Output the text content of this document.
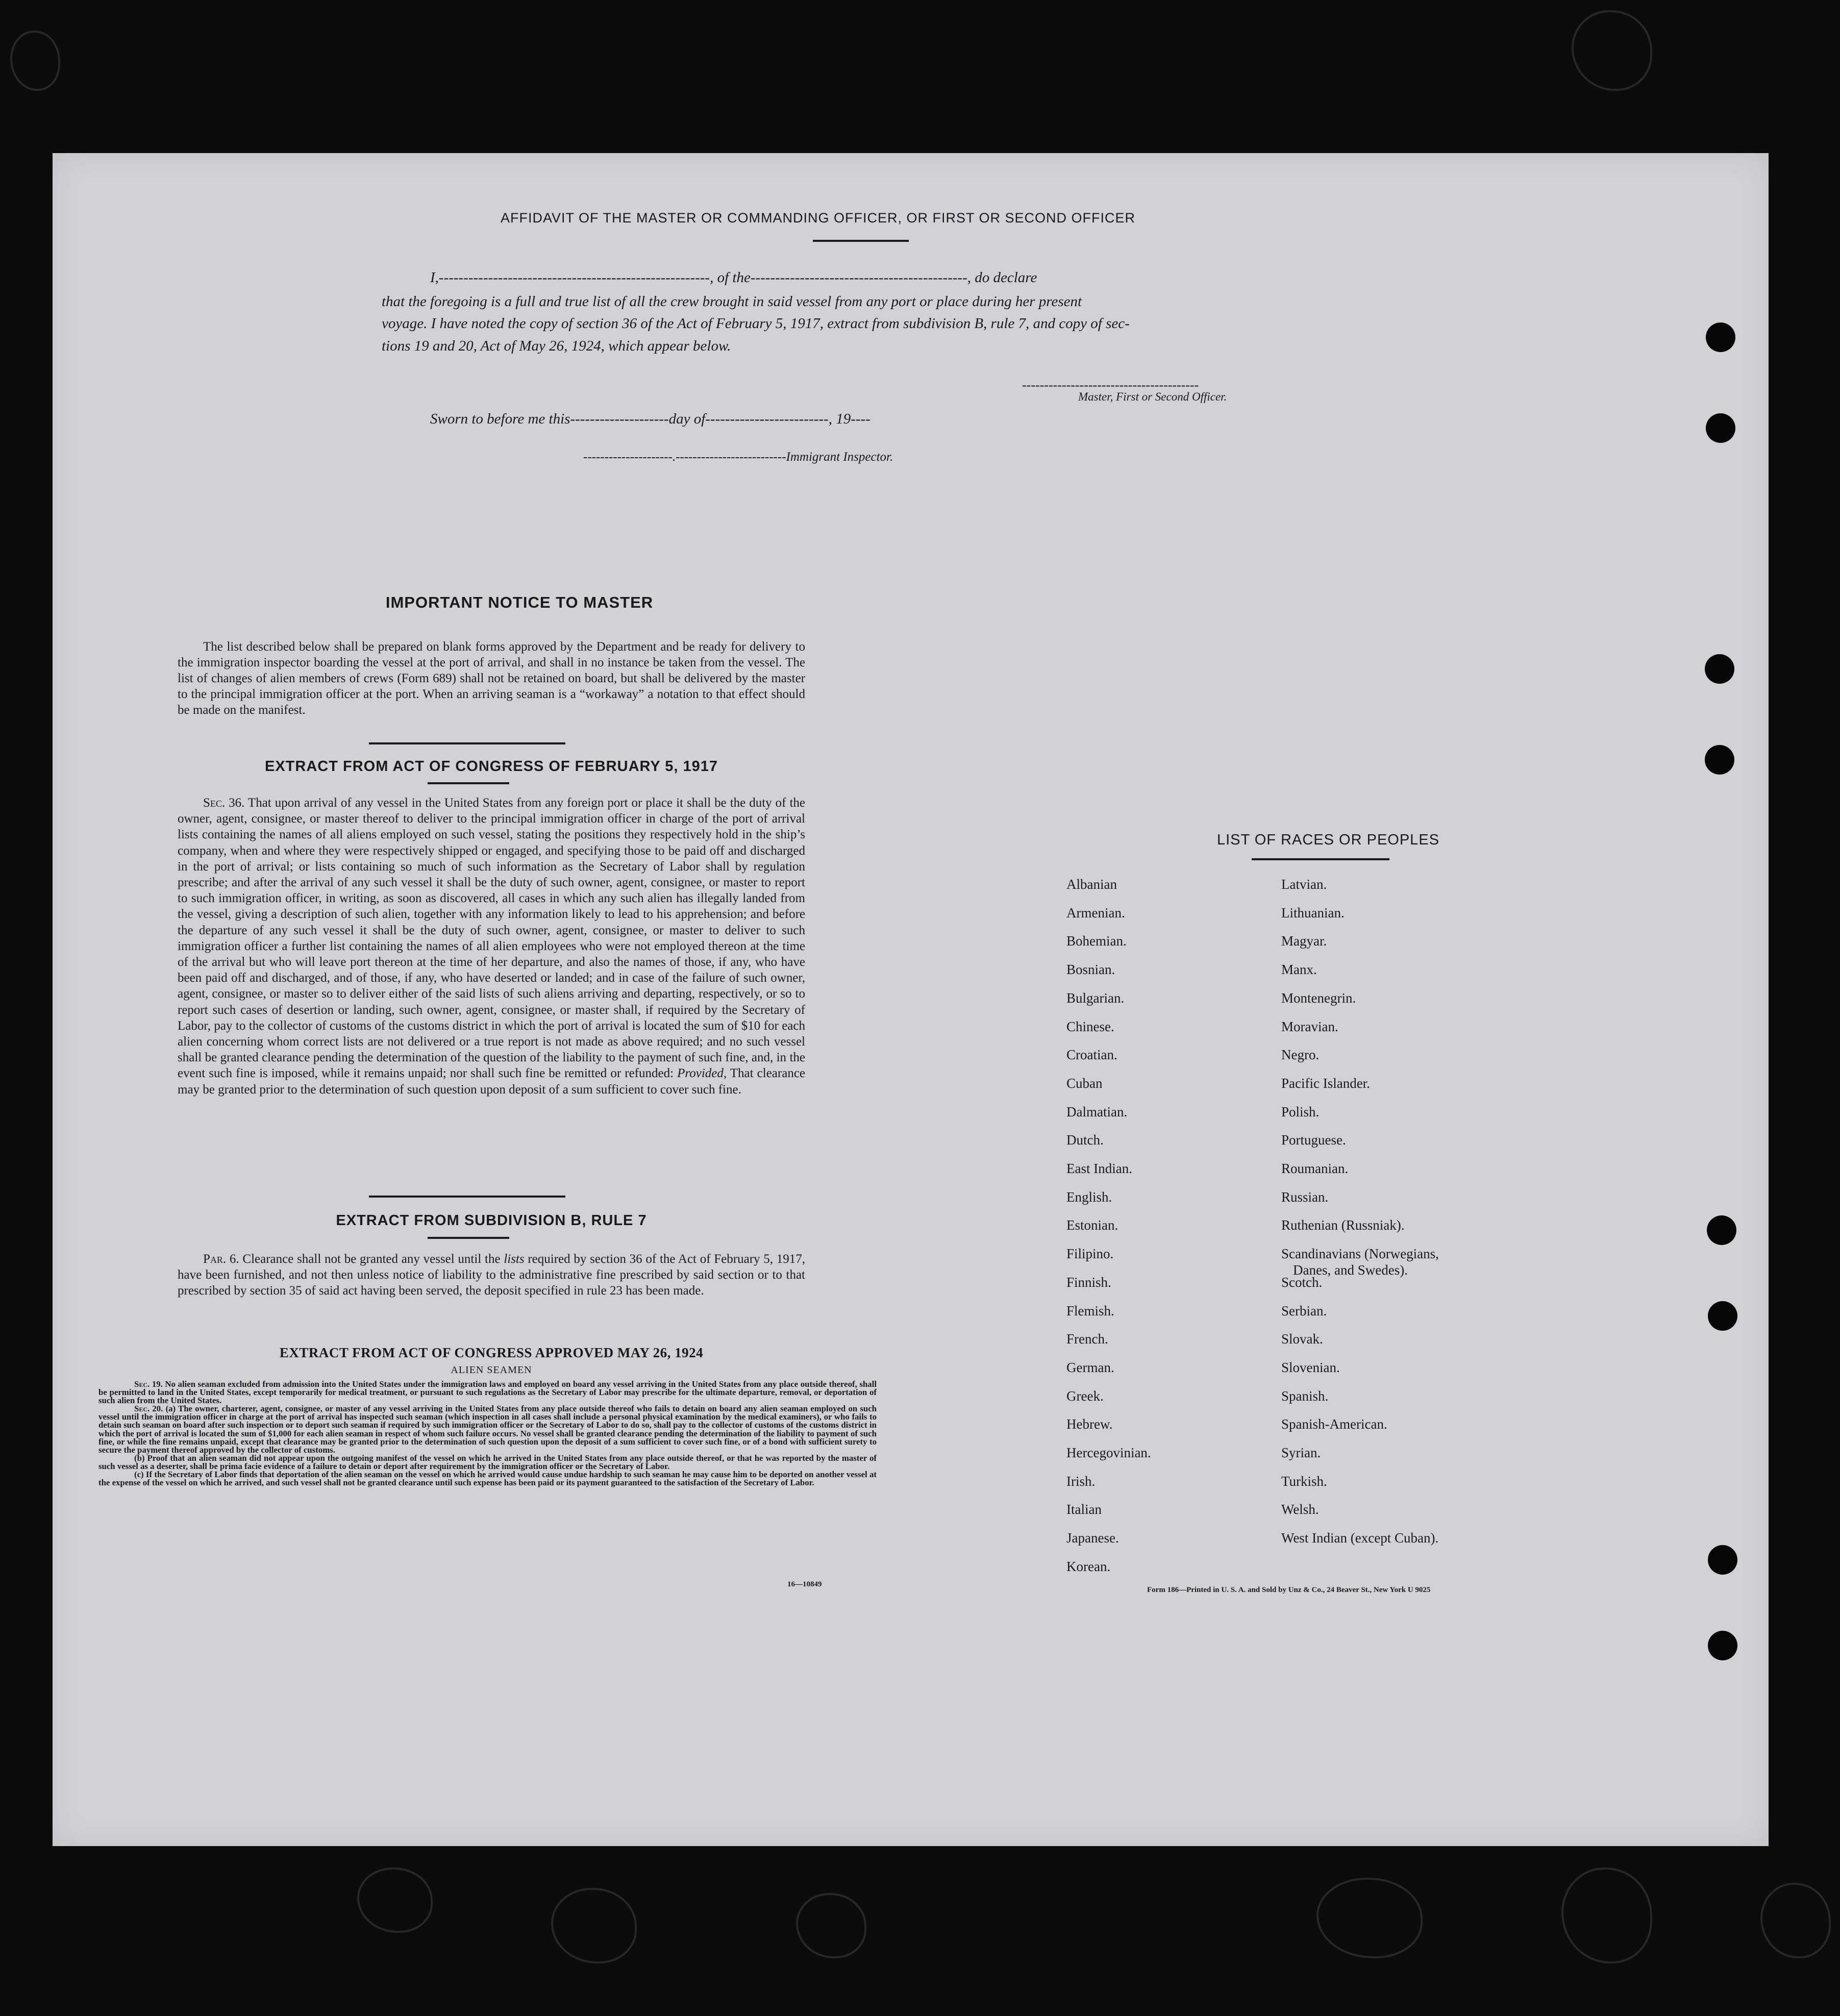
AFFIDAVIT OF THE MASTER OR COMMANDING OFFICER, OR FIRST OR SECOND OFFICER
I,-------------------------------------------------------, of the--------------------------------------------, do declare
that the foregoing is a full and true list of all the crew brought in said vessel from any port or place during her present
voyage. I have noted the copy of section 36 of the Act of February 5, 1917, extract from subdivision B, rule 7, and copy of sec-
tions 19 and 20, Act of May 26, 1924, which appear below.
----------------------------------------
Master, First or Second Officer.
Sworn to before me this--------------------day of-------------------------, 19----
---------------------.--------------------------Immigrant Inspector.
IMPORTANT NOTICE TO MASTER
The list described below shall be prepared on blank forms approved by the Department and be ready for delivery to the immigration inspector boarding the vessel at the port of arrival, and shall in no instance be taken from the vessel. The list of changes of alien members of crews (Form 689) shall not be retained on board, but shall be delivered by the master to the principal immigration officer at the port. When an arriving seaman is a “workaway” a notation to that effect should be made on the manifest.
EXTRACT FROM ACT OF CONGRESS OF FEBRUARY 5, 1917
Sec. 36. That upon arrival of any vessel in the United States from any foreign port or place it shall be the duty of the owner, agent, consignee, or master thereof to deliver to the principal immigration officer in charge of the port of arrival lists containing the names of all aliens employed on such vessel, stating the positions they respectively hold in the ship’s company, when and where they were respectively shipped or engaged, and specifying those to be paid off and discharged in the port of arrival; or lists containing so much of such information as the Secretary of Labor shall by regulation prescribe; and after the arrival of any such vessel it shall be the duty of such owner, agent, consignee, or master to report to such immigration officer, in writing, as soon as discovered, all cases in which any such alien has illegally landed from the vessel, giving a description of such alien, together with any information likely to lead to his apprehension; and before the departure of any such vessel it shall be the duty of such owner, agent, consignee, or master to deliver to such immigration officer a further list containing the names of all alien employees who were not employed thereon at the time of the arrival but who will leave port thereon at the time of her departure, and also the names of those, if any, who have been paid off and discharged, and of those, if any, who have deserted or landed; and in case of the failure of such owner, agent, consignee, or master so to deliver either of the said lists of such aliens arriving and departing, respectively, or so to report such cases of desertion or landing, such owner, agent, consignee, or master shall, if required by the Secretary of Labor, pay to the collector of customs of the customs district in which the port of arrival is located the sum of $10 for each alien concerning whom correct lists are not delivered or a true report is not made as above required; and no such vessel shall be granted clearance pending the determination of the question of the liability to the payment of such fine, and, in the event such fine is imposed, while it remains unpaid; nor shall such fine be remitted or refunded: Provided, That clearance may be granted prior to the determination of such question upon deposit of a sum sufficient to cover such fine.
EXTRACT FROM SUBDIVISION B, RULE 7
Par. 6. Clearance shall not be granted any vessel until the lists required by section 36 of the Act of February 5, 1917, have been furnished, and not then unless notice of liability to the administrative fine prescribed by said section or to that prescribed by section 35 of said act having been served, the deposit specified in rule 23 has been made.
EXTRACT FROM ACT OF CONGRESS APPROVED MAY 26, 1924
ALIEN SEAMEN
Sec. 19. No alien seaman excluded from admission into the United States under the immigration laws and employed on board any vessel arriving in the United States from any place outside thereof, shall be permitted to land in the United States, except temporarily for medical treatment, or pursuant to such regulations as the Secretary of Labor may prescribe for the ultimate departure, removal, or deportation of such alien from the United States.
Sec. 20. (a) The owner, charterer, agent, consignee, or master of any vessel arriving in the United States from any place outside thereof who fails to detain on board any alien seaman employed on such vessel until the immigration officer in charge at the port of arrival has inspected such seaman (which inspection in all cases shall include a personal physical examination by the medical examiners), or who fails to detain such seaman on board after such inspection or to deport such seaman if required by such immigration officer or the Secretary of Labor to do so, shall pay to the collector of customs of the customs district in which the port of arrival is located the sum of $1,000 for each alien seaman in respect of whom such failure occurs. No vessel shall be granted clearance pending the determination of the liability to payment of such fine, or while the fine remains unpaid, except that clearance may be granted prior to the determination of such question upon the deposit of a sum sufficient to cover such fine, or of a bond with sufficient surety to secure the payment thereof approved by the collector of customs.
(b) Proof that an alien seaman did not appear upon the outgoing manifest of the vessel on which he arrived in the United States from any place outside thereof, or that he was reported by the master of such vessel as a deserter, shall be prima facie evidence of a failure to detain or deport after requirement by the immigration officer or the Secretary of Labor.
(c) If the Secretary of Labor finds that deportation of the alien seaman on the vessel on which he arrived would cause undue hardship to such seaman he may cause him to be deported on another vessel at the expense of the vessel on which he arrived, and such vessel shall not be granted clearance until such expense has been paid or its payment guaranteed to the satisfaction of the Secretary of Labor.
16—10849
LIST OF RACES OR PEOPLES
Form 186—Printed in U. S. A. and Sold by Unz & Co., 24 Beaver St., New York U 9025
Albanian
Armenian.
Bohemian.
Bosnian.
Bulgarian.
Chinese.
Croatian.
Cuban
Dalmatian.
Dutch.
East Indian.
English.
Estonian.
Filipino.
Finnish.
Flemish.
French.
German.
Greek.
Hebrew.
Hercegovinian.
Irish.
Italian
Japanese.
Korean.
Latvian.
Lithuanian.
Magyar.
Manx.
Montenegrin.
Moravian.
Negro.
Pacific Islander.
Polish.
Portuguese.
Roumanian.
Russian.
Ruthenian (Russniak).
Scandinavians (Norwegians,
Danes, and Swedes).
Scotch.
Serbian.
Slovak.
Slovenian.
Spanish.
Spanish-American.
Syrian.
Turkish.
Welsh.
West Indian (except Cuban).
